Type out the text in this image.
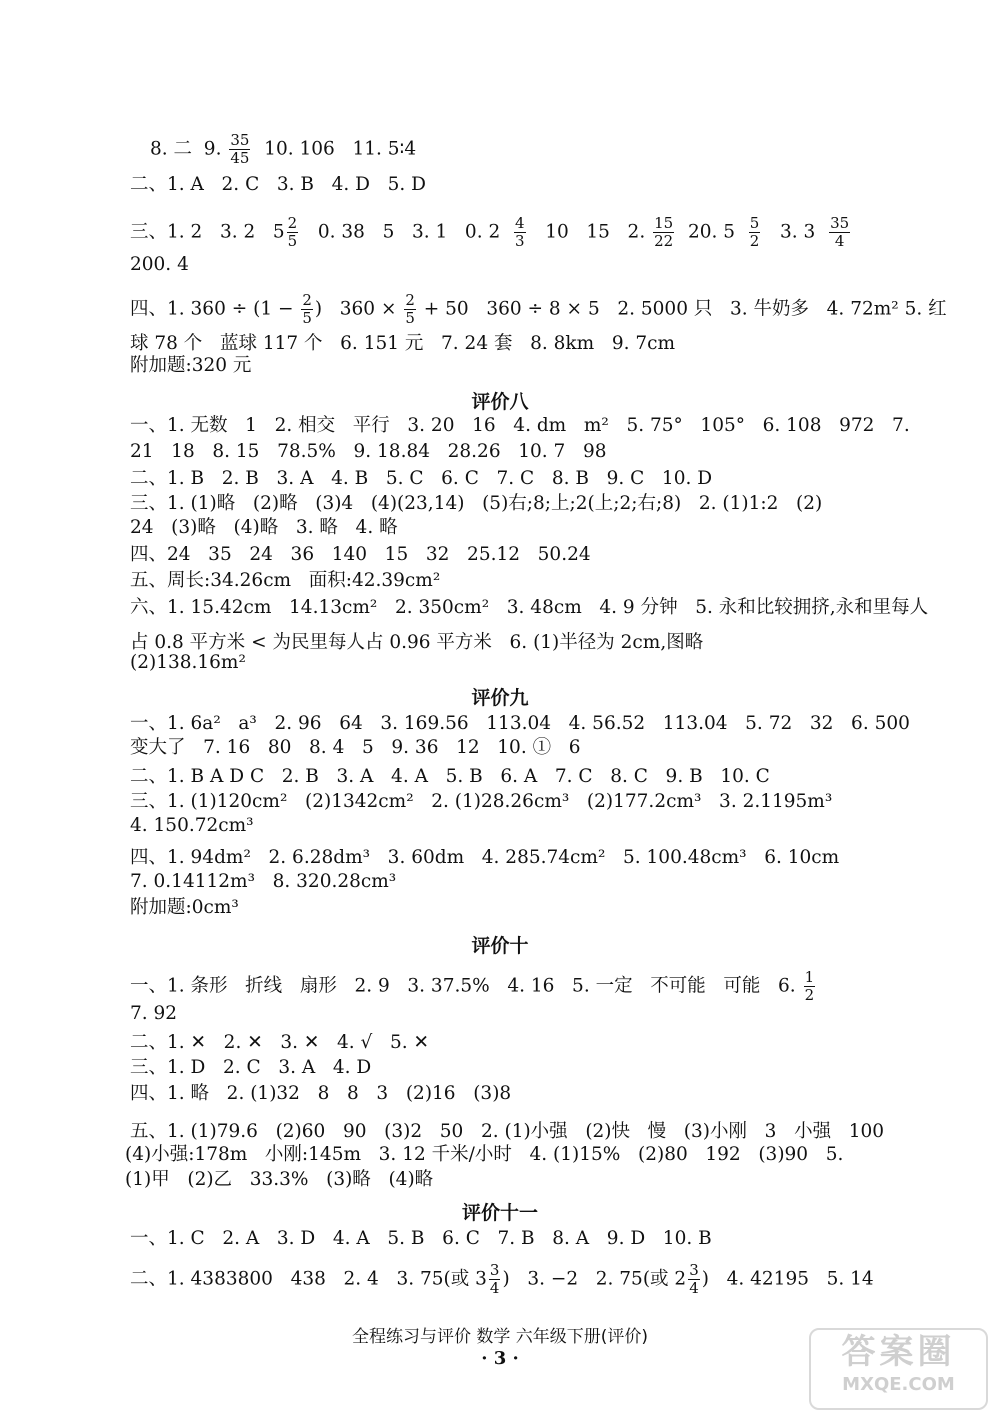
8. 二  9. $\frac{35}{45} 10$. 106   11. 5∶4
二、1. A   2. C   3. B   4. D   5. D
三、1. 2   3. 2   $5 \frac{2}{5} 0$. 38   5   3. 1   0. $2 \frac{4}{3} 10$   15   2. $\frac{15}{22} 20$. $5 \frac{5}{2} 3$. $3 \frac{35}{4}$
200. 4
四、1. $360 \div (1 - \frac{2}{5}$ )   $360 \times \frac{2}{5} + 50$   360 ÷ 8 × 5   2. 5000 只   3. 牛奶多   4. 72m² 5. 红
球 78 个   蓝球 117 个   6. 151 元   7. 24 套   8. 8km   9. 7cm
附加题:320 元
评价八
一、1. 无数   1   2. 相交   平行   3. 20   16   4. dm   m²   5. 75°   105°   6. 108   972   7.
21   18   8. 15   78.5%   9. 18.84   28.26   10. 7   98
二、1. B   2. B   3. A   4. B   5. C   6. C   7. C   8. B   9. C   10. D
三、1. (1)略   (2)略   (3)4   (4)(23,14)   (5)右;8;上;2(上;2;右;8)   2. (1)1:2   (2)
24   (3)略   (4)略   3. 略   4. 略
四、24   35   24   36   140   15   32   25.12   50.24
五、周长:34.26cm   面积:42.39cm²
六、1. 15.42cm   14.13cm²   2. 350cm²   3. 48cm   4. 9 分钟   5. 永和比较拥挤,永和里每人
占 0.8 平方米 < 为民里每人占 0.96 平方米   6. (1)半径为 2cm,图略
(2)138.16m²
评价九
一、1. 6a²   a³   2. 96   64   3. 169.56   113.04   4. 56.52   113.04   5. 72   32   6. 500
变大了   7. 16   80   8. 4   5   9. 36   12   10. ①   6
二、1. B A D C   2. B   3. A   4. A   5. B   6. A   7. C   8. C   9. B   10. C
三、1. (1)120cm²   (2)1342cm²   2. (1)28.26cm³   (2)177.2cm³   3. 2.1195m³
4. 150.72cm³
四、1. 94dm²   2. 6.28dm³   3. 60dm   4. 285.74cm²   5. 100.48cm³   6. 10cm
7. 0.14112m³   8. 320.28cm³
附加题:0cm³
评价十
一、1. 条形   折线   扇形   2. 9   3. 37.5%   4. 16   5. 一定   不可能   可能   6. $\frac{1}{2}$
7. 92
二、1. ✕   2. ✕   3. ✕   4. √   5. ✕
三、1. D   2. C   3. A   4. D
四、1. 略   2. (1)32   8   8   3   (2)16   (3)8
五、1. (1)79.6   (2)60   90   (3)2   50   2. (1)小强   (2)快   慢   (3)小刚   3   小强   100
(4)小强:178m   小刚:145m   3. 12 千米/小时   4. (1)15%   (2)80   192   (3)90   5.
(1)甲   (2)乙   33.3%   (3)略   (4)略
评价十一
一、1. C   2. A   3. D   4. A   5. B   6. C   7. B   8. A   9. D   10. B
二、1. 4383800   438   2. 4   3. 75(或 $3 \frac{3}{4}$ )   3. −2   2. 75(或 $2 \frac{3}{4}$ )   4. 42195   5. 14
全程练习与评价 数学 六年级下册(评价)
· 3 ·	答案圈
MXQE.COM
